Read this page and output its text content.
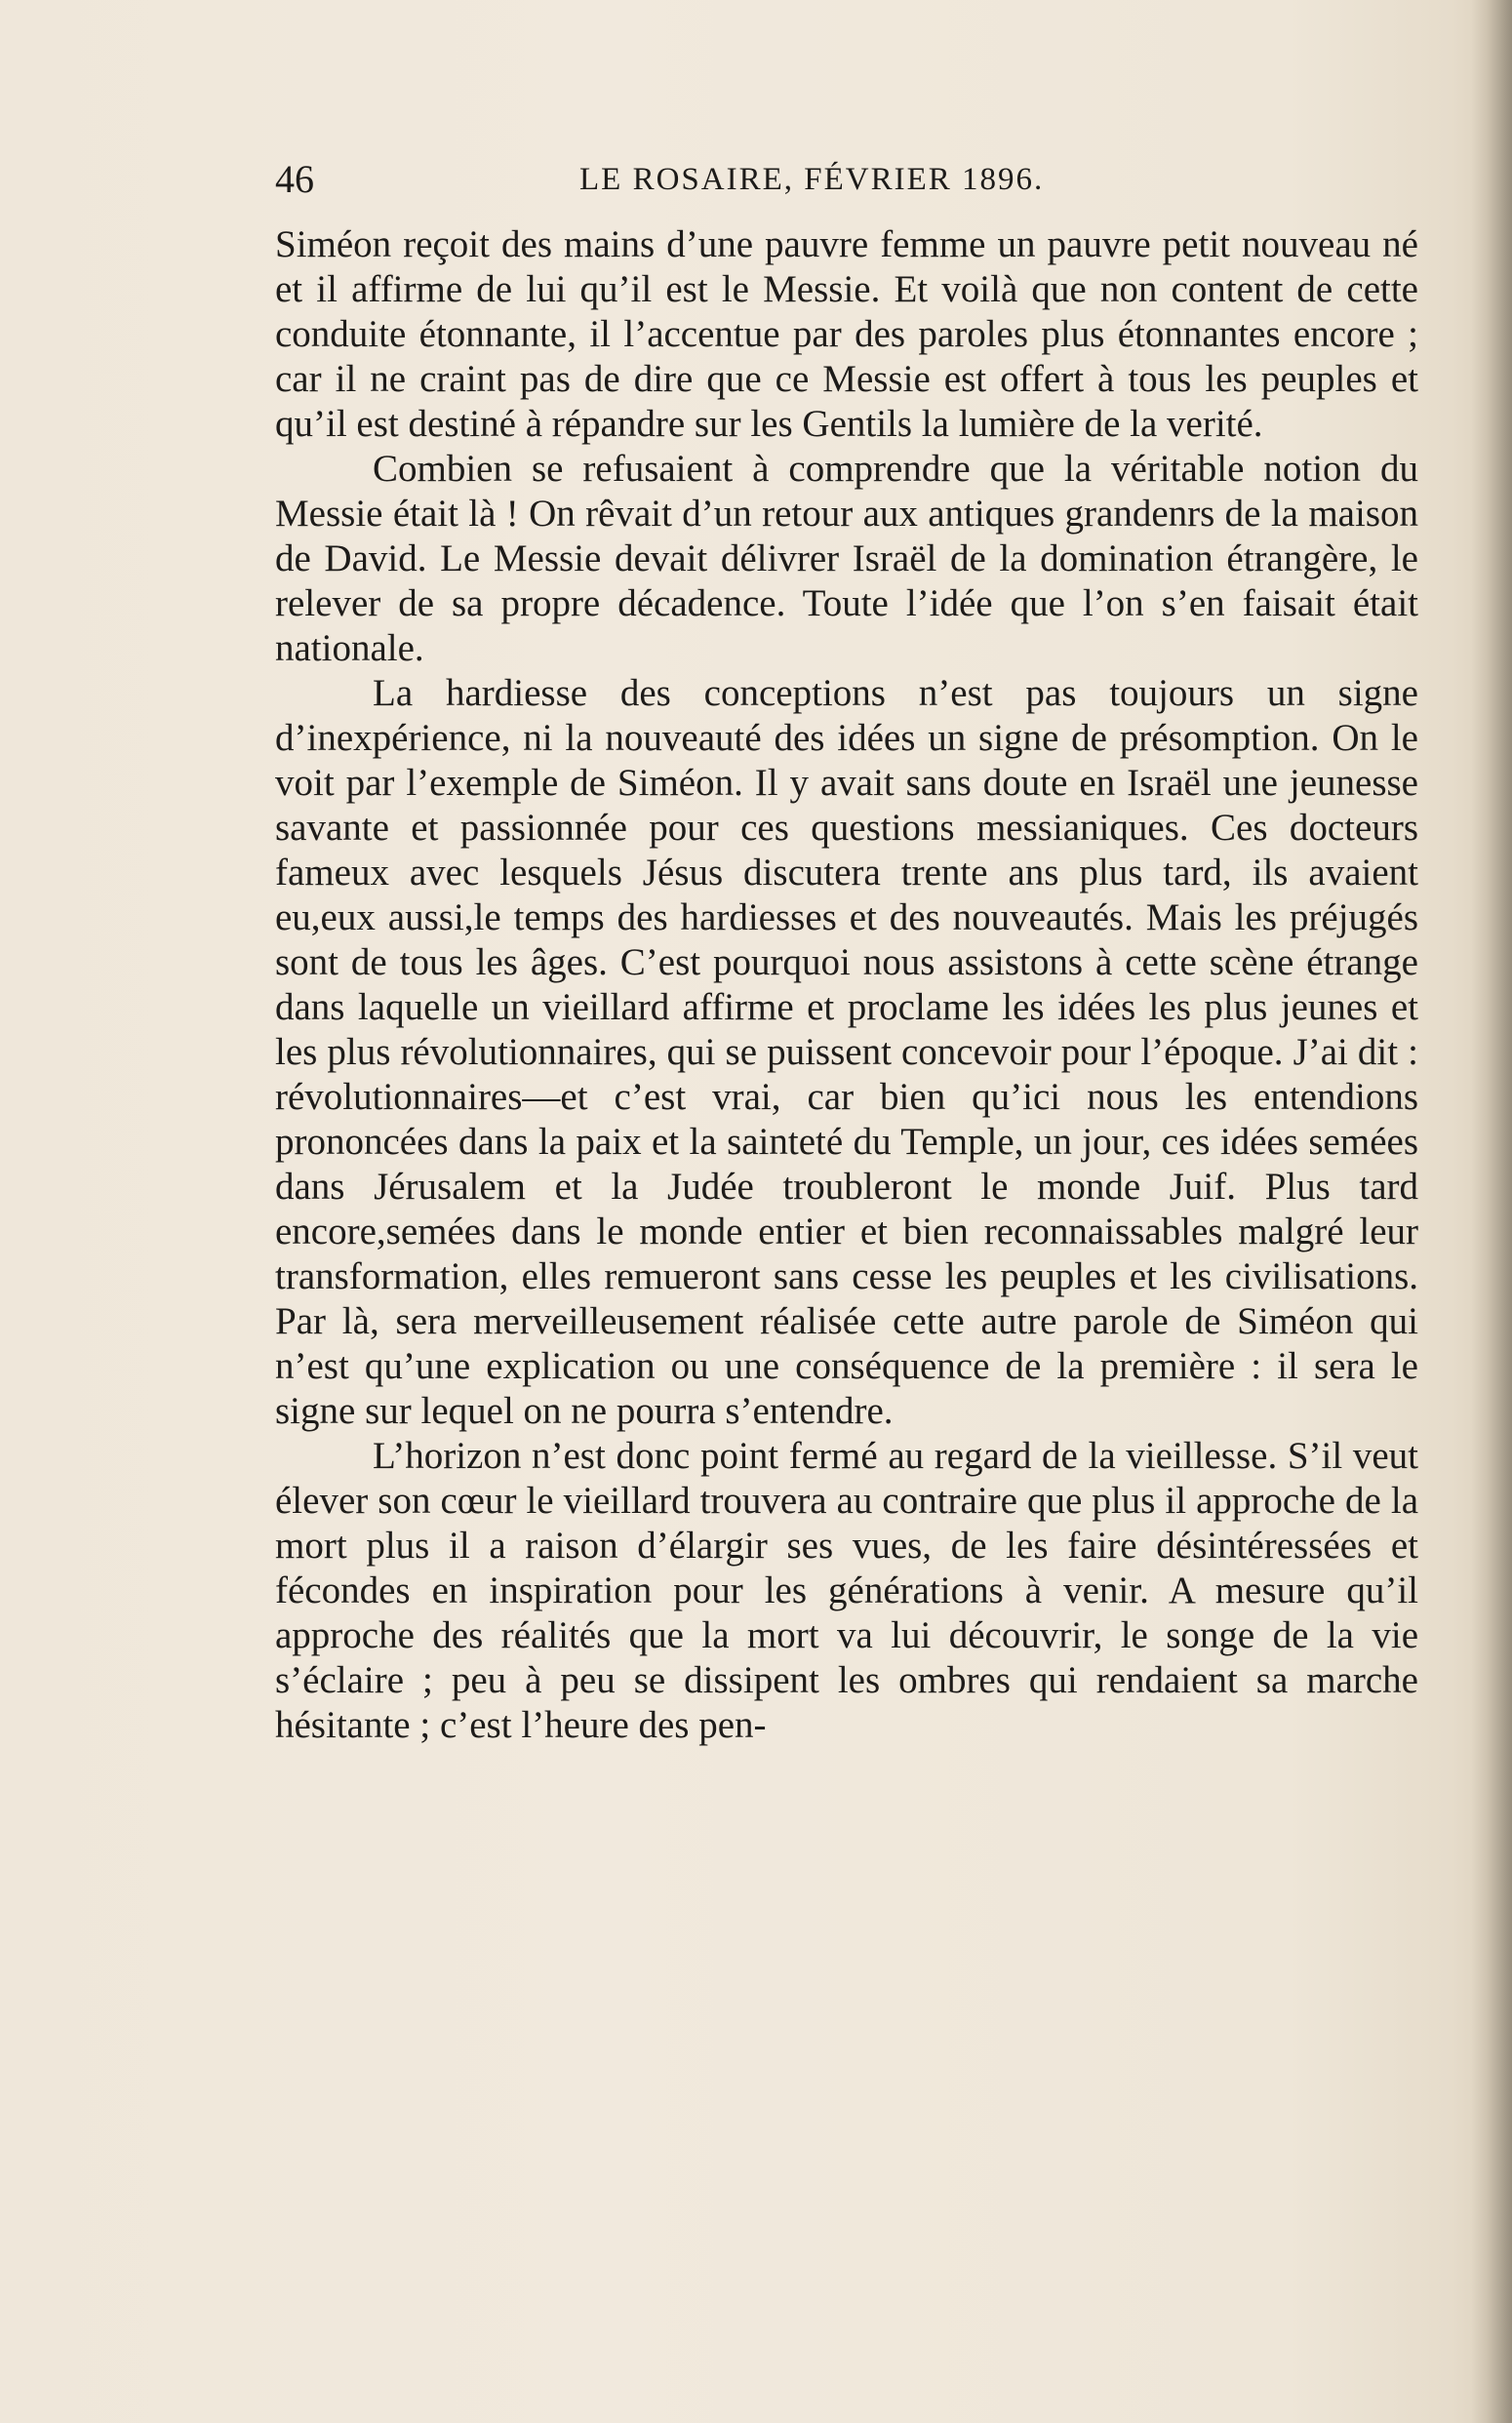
46	LE ROSAIRE, FÉVRIER 1896.

Siméon reçoit des mains d’une pauvre femme un pauvre petit nouveau né et il affirme de lui qu’il est le Messie. Et voilà que non content de cette conduite étonnante, il l’accentue par des paroles plus étonnantes encore ; car il ne craint pas de dire que ce Messie est offert à tous les peuples et qu’il est destiné à répandre sur les Gentils la lumière de la verité.

Combien se refusaient à comprendre que la véritable notion du Messie était là ! On rêvait d’un retour aux antiques grandenrs de la maison de David. Le Messie devait délivrer Israël de la domination étrangère, le relever de sa propre décadence. Toute l’idée que l’on s’en faisait était nationale.

La hardiesse des conceptions n’est pas toujours un signe d’inexpérience, ni la nouveauté des idées un signe de présomption. On le voit par l’exemple de Siméon. Il y avait sans doute en Israël une jeunesse savante et passionnée pour ces questions messianiques. Ces docteurs fameux avec lesquels Jésus discutera trente ans plus tard, ils avaient eu,eux aussi,le temps des hardiesses et des nouveautés. Mais les préjugés sont de tous les âges. C’est pourquoi nous assistons à cette scène étrange dans laquelle un vieillard affirme et proclame les idées les plus jeunes et les plus révolutionnaires, qui se puissent concevoir pour l’époque. J’ai dit : révolutionnaires—et c’est vrai, car bien qu’ici nous les entendions prononcées dans la paix et la sainteté du Temple, un jour, ces idées semées dans Jérusalem et la Judée troubleront le monde Juif. Plus tard encore,semées dans le monde entier et bien reconnaissables malgré leur transformation, elles remueront sans cesse les peuples et les civilisations. Par là, sera merveilleusement réalisée cette autre parole de Siméon qui n’est qu’une explication ou une conséquence de la première : il sera le signe sur lequel on ne pourra s’entendre.

L’horizon n’est donc point fermé au regard de la vieillesse. S’il veut élever son cœur le vieillard trouvera au contraire que plus il approche de la mort plus il a raison d’élargir ses vues, de les faire désintéressées et fécondes en inspiration pour les générations à venir. A mesure qu’il approche des réalités que la mort va lui découvrir, le songe de la vie s’éclaire ; peu à peu se dissipent les ombres qui rendaient sa marche hésitante ; c’est l’heure des pen-
